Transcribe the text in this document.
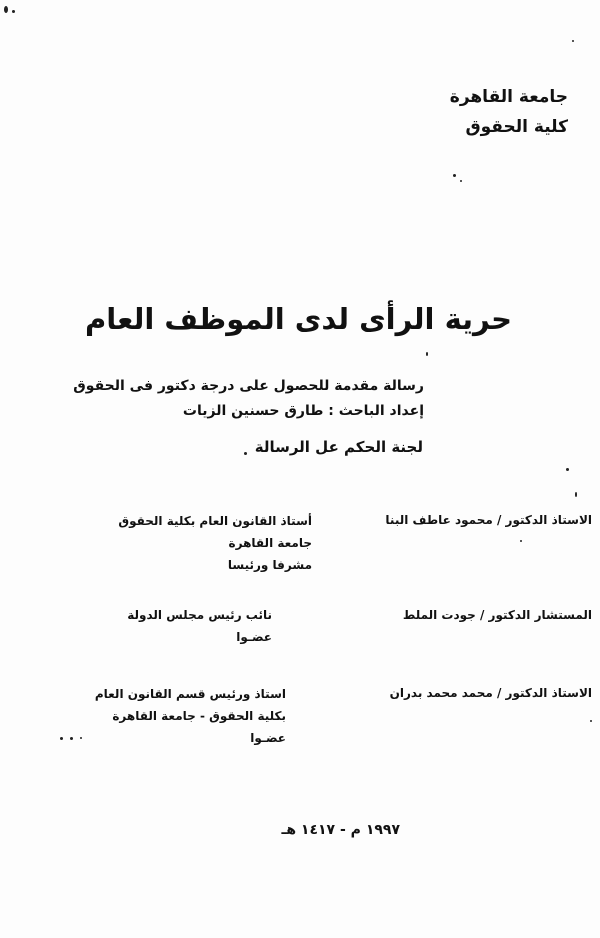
جامعة القاهرة
كلية الحقوق
حرية الرأى لدى الموظف العام
رسالة مقدمة للحصول على درجة دكتور فى الحقوق
إعداد الباحث : طارق حسنين الزيات
لجنة الحكم عل الرسالة
الاستاذ الدكتور / محمود عاطف البنا
أستاذ القانون العام بكلية الحقوق
جامعة القاهرة
مشرفا ورئيسا
المستشار الدكتور / جودت الملط
نائب رئيس مجلس الدولة
عضـوا
الاستاذ الدكتور / محمد محمد بدران
استاذ ورئيس قسم القانون العام
بكلية الحقوق - جامعة القاهرة
عضـوا
١٩٩٧ م - ١٤١٧ هـ
